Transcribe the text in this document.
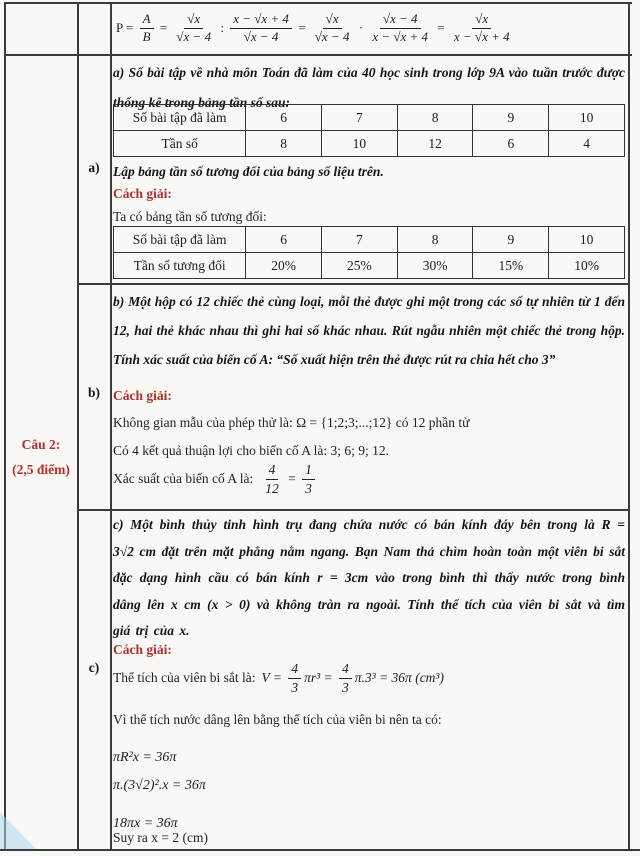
$P = \frac{A}{B} = \frac{√x}{√x - 4}$ : $\frac{x - √x + 4}{√x - 4} = \frac{√x}{√x - 4} \cdot \frac{√x - 4}{x - √x + 4} = \frac{√x}{x - √x + 4}$
Câu 2:
(2,5 điểm)
a)
b)
c)

a) Số bài tập về nhà môn Toán đã làm của 40 học sinh trong lớp 9A vào tuần trước được thống kê trong bảng tần số sau:

Số bài tập đã làm	6	7	8	9	10
Tần số	8	10	12	6	4

Lập bảng tần số tương đối của bảng số liệu trên.

Cách giải:

Ta có bảng tần số tương đối:

Số bài tập đã làm	6	7	8	9	10
Tần số tương đối	20%	25%	30%	15%	10%

b) Một hộp có 12 chiếc thẻ cùng loại, mỗi thẻ được ghi một trong các số tự nhiên từ 1 đến 12, hai thẻ khác nhau thì ghi hai số khác nhau. Rút ngẫu nhiên một chiếc thẻ trong hộp. Tính xác suất của biến cố A: “Số xuất hiện trên thẻ được rút ra chia hết cho 3”

Cách giải:

Không gian mẫu của phép thử là: Ω = {1;2;3;...;12} có 12 phần tử

Có 4 kết quả thuận lợi cho biến cố A là: 3; 6; 9; 12.

Xác suất của biến cố A là: $\frac{4}{12} = \frac{1}{3}$

c) Một bình thủy tinh hình trụ đang chứa nước có bán kính đáy bên trong là R = 3√2 cm đặt trên mặt phẳng nằm ngang. Bạn Nam thả chìm hoàn toàn một viên bi sắt đặc dạng hình cầu có bán kính r = 3cm vào trong bình thì thấy nước trong bình dâng lên x cm (x > 0) và không tràn ra ngoài. Tính thể tích của viên bi sắt và tìm giá trị của x.

Cách giải:

Thể tích của viên bi sắt là: $V = \frac{4}{3} \pi r^3 = \frac{4}{3} \pi.3^3 = 36\pi$ (cm³)

Vì thể tích nước dâng lên bằng thể tích của viên bi nên ta có:

πR²x = 36π

π.(3√2)².x = 36π

18πx = 36π

Suy ra x = 2 (cm)
